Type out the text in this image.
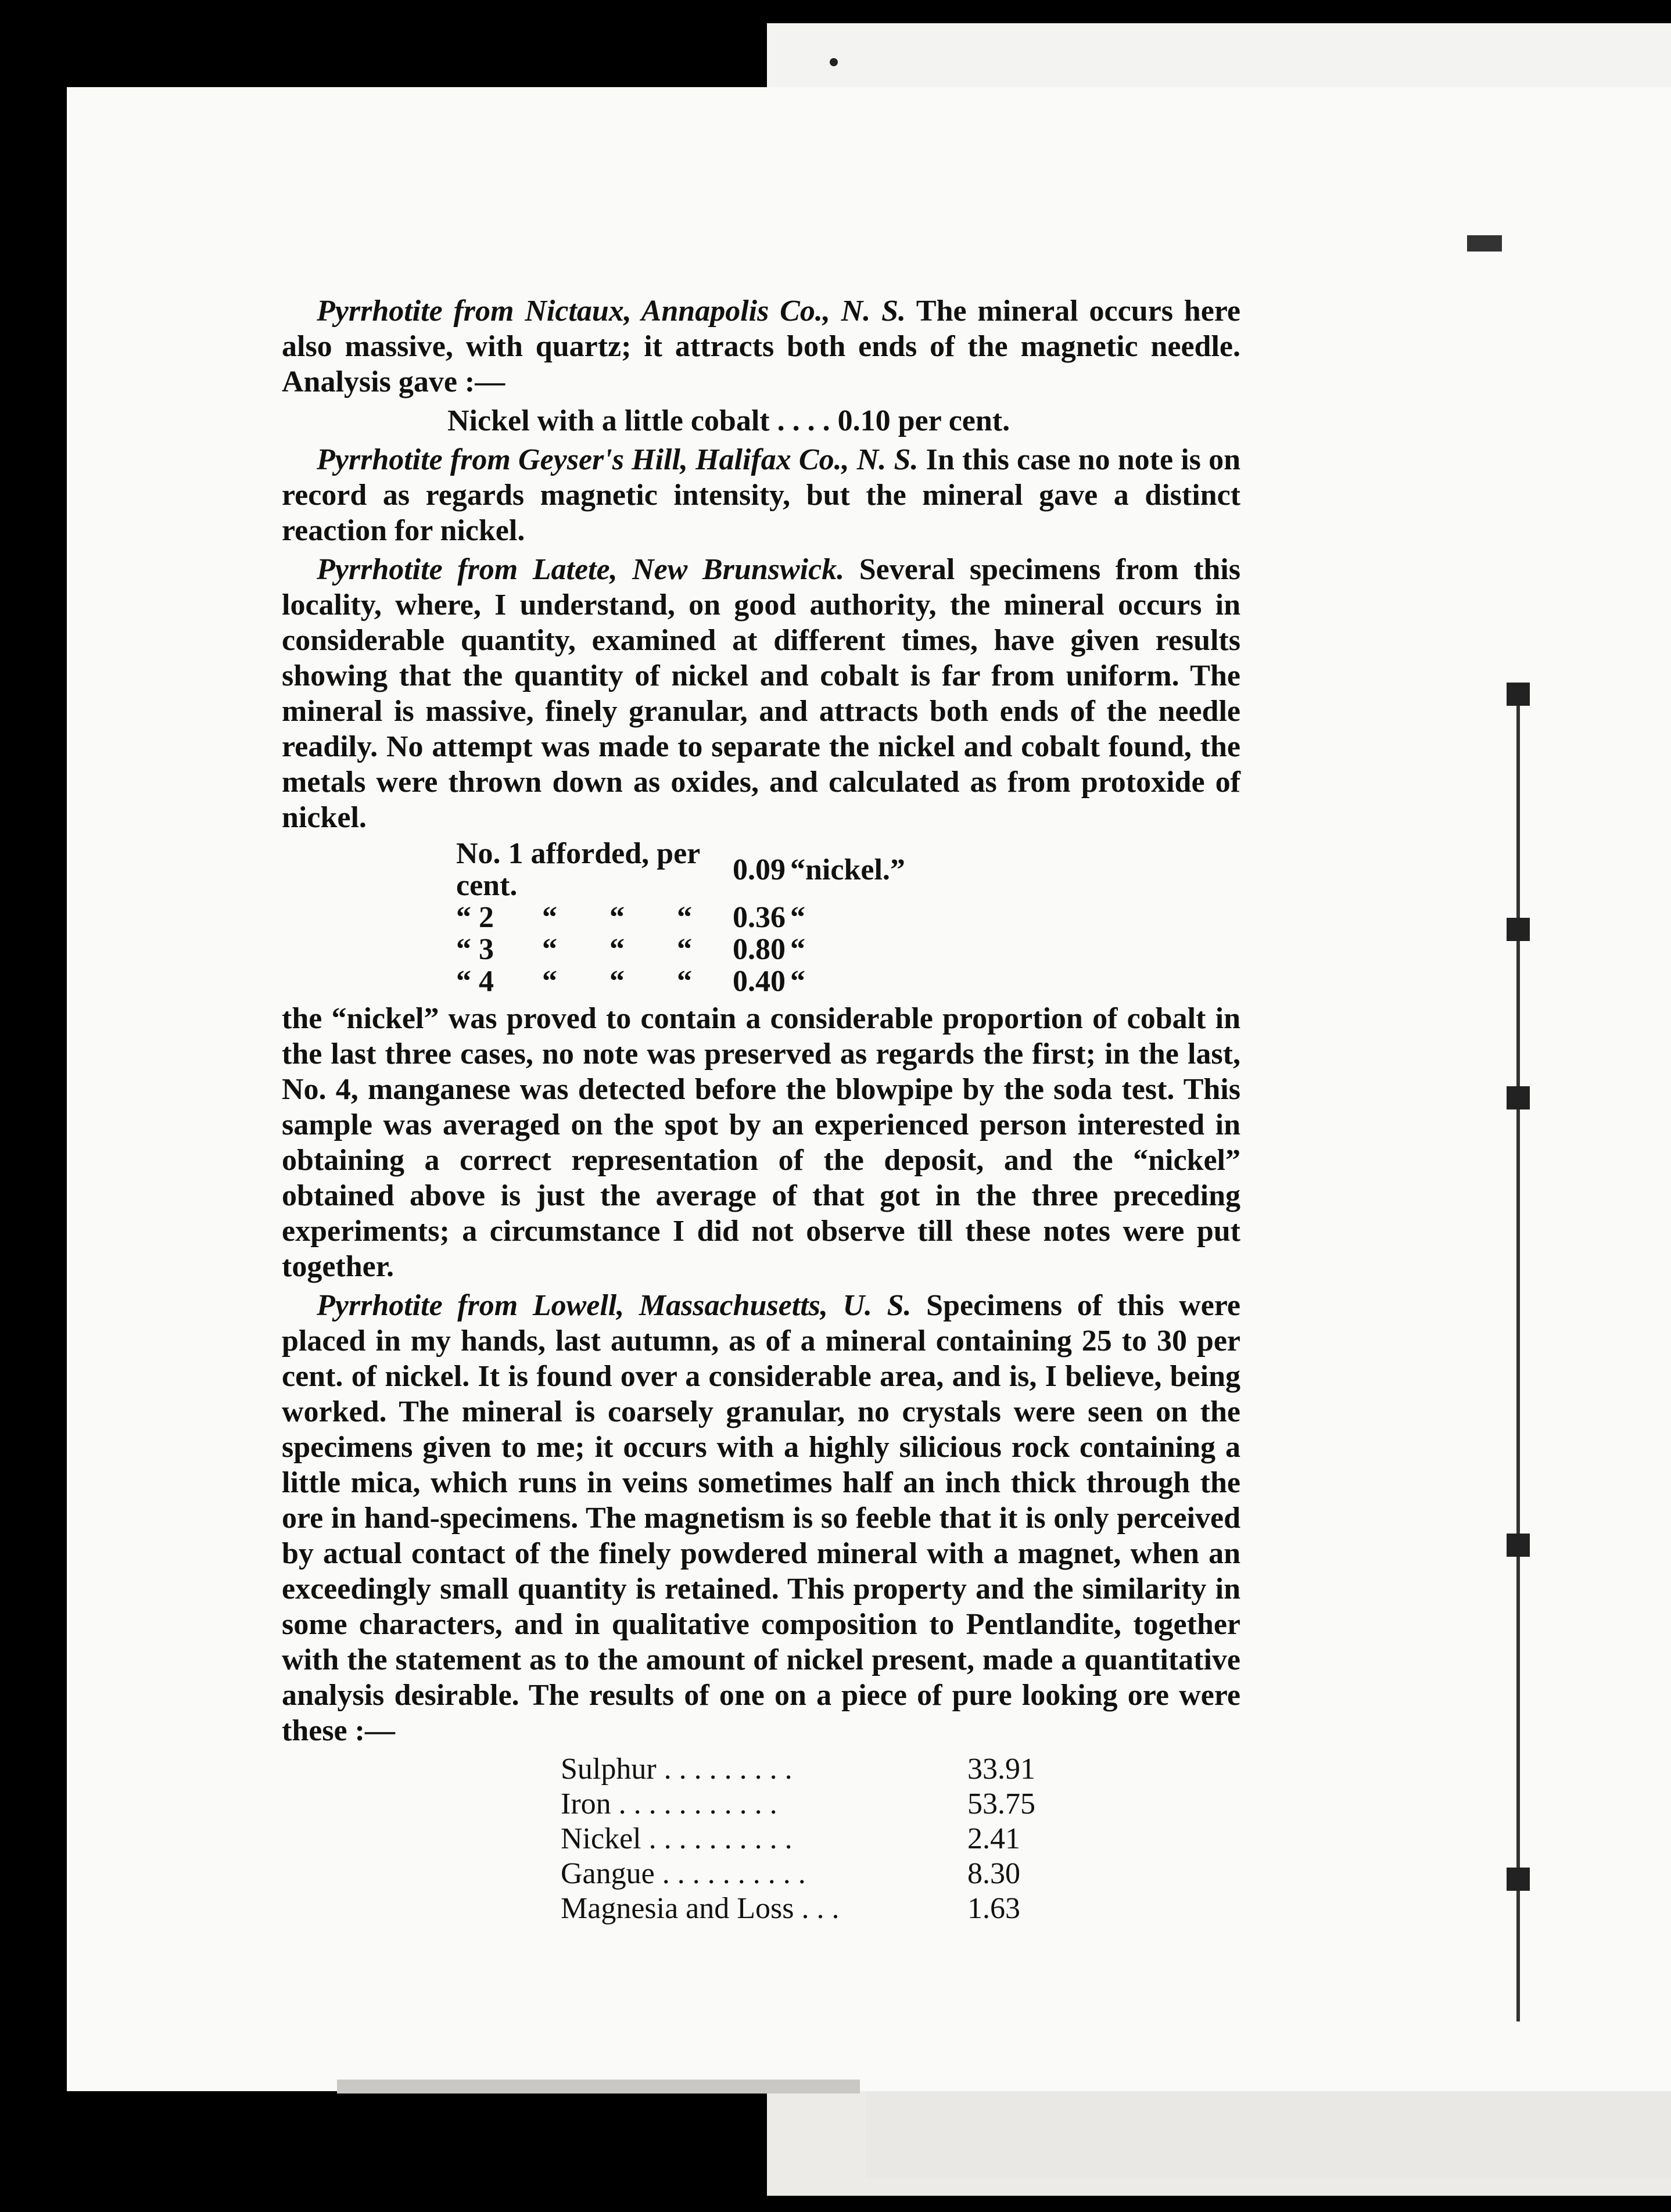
Pyrrhotite from Nictaux, Annapolis Co., N. S. The mineral occurs here also massive, with quartz; it attracts both ends of the magnetic needle. Analysis gave :—

Nickel with a little cobalt . . . . 0.10 per cent.

Pyrrhotite from Geyser's Hill, Halifax Co., N. S. In this case no note is on record as regards magnetic intensity, but the mineral gave a distinct reaction for nickel.

Pyrrhotite from Latete, New Brunswick. Several specimens from this locality, where, I understand, on good authority, the mineral occurs in considerable quantity, examined at different times, have given results showing that the quantity of nickel and cobalt is far from uniform. The mineral is massive, finely granular, and attracts both ends of the needle readily. No attempt was made to separate the nickel and cobalt found, the metals were thrown down as oxides, and calculated as from protoxide of nickel.

No. 1 afforded, per cent.				0.09	“nickel.”
“ 2	“	“	“	0.36	“
“ 3	“	“	“	0.80	“
“ 4	“	“	“	0.40	“

the “nickel” was proved to contain a considerable proportion of cobalt in the last three cases, no note was preserved as regards the first; in the last, No. 4, manganese was detected before the blowpipe by the soda test. This sample was averaged on the spot by an experienced person interested in obtaining a correct representation of the deposit, and the “nickel” obtained above is just the average of that got in the three preceding experiments; a circumstance I did not observe till these notes were put together.

Pyrrhotite from Lowell, Massachusetts, U. S. Specimens of this were placed in my hands, last autumn, as of a mineral containing 25 to 30 per cent. of nickel. It is found over a considerable area, and is, I believe, being worked. The mineral is coarsely granular, no crystals were seen on the specimens given to me; it occurs with a highly silicious rock containing a little mica, which runs in veins sometimes half an inch thick through the ore in hand-specimens. The magnetism is so feeble that it is only perceived by actual contact of the finely powdered mineral with a magnet, when an exceedingly small quantity is retained. This property and the similarity in some characters, and in qualitative composition to Pentlandite, together with the statement as to the amount of nickel present, made a quantitative analysis desirable. The results of one on a piece of pure looking ore were these :—

Sulphur . . . . . . . . .	33.91
Iron . . . . . . . . . . .	53.75
Nickel . . . . . . . . . .	2.41
Gangue . . . . . . . . . .	8.30
Magnesia and Loss . . .	1.63
